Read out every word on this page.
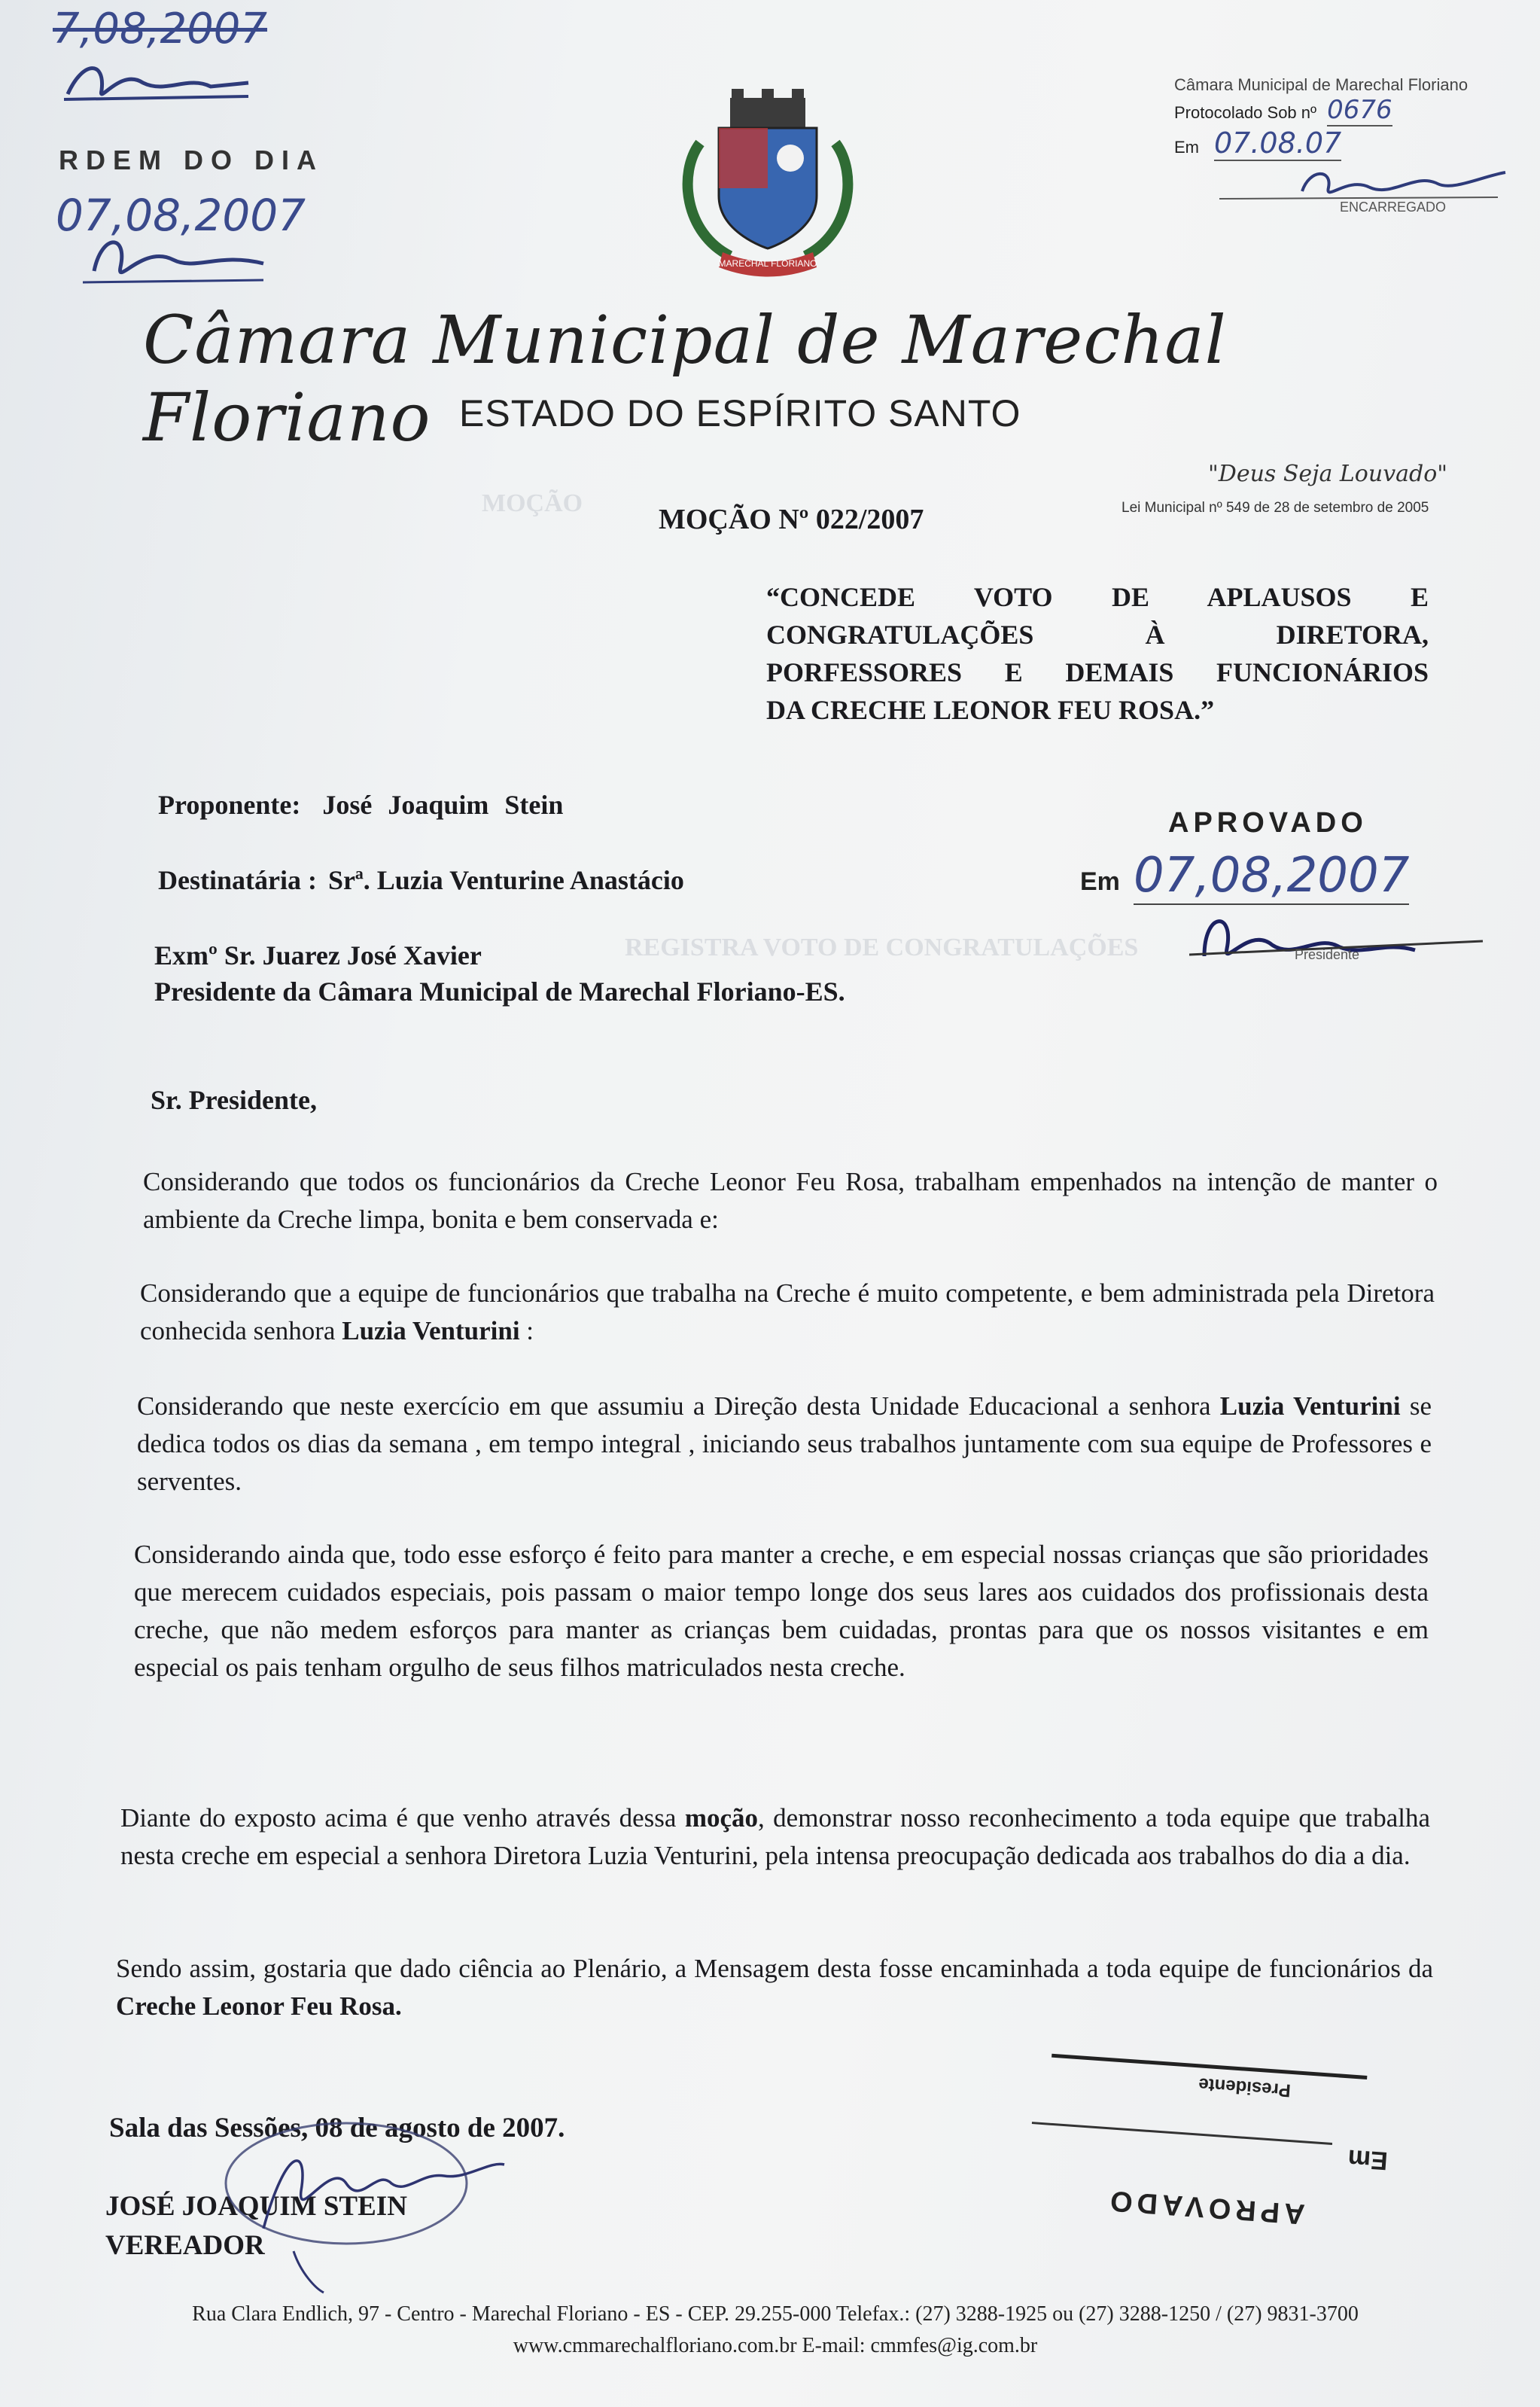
MOÇÃO
REGISTRA VOTO DE CONGRATULAÇÕES
7,08,2007
RDEM DO DIA
07,08,2007
Câmara Municipal de Marechal Floriano
Protocolado Sob nº 0676
Em 07.08.07
ENCARREGADO
MARECHAL FLORIANO
Câmara Municipal de Marechal Floriano ESTADO DO ESPÍRITO SANTO
"Deus Seja Louvado"
Lei Municipal nº 549 de 28 de setembro de 2005
MOÇÃO Nº 022/2007
“CONCEDE VOTO DE APLAUSOS E
CONGRATULAÇÕES À DIRETORA,
PORFESSORES E DEMAIS FUNCIONÁRIOS
DA CRECHE LEONOR FEU ROSA.”
Proponente: José Joaquim Stein
Destinatária : Srª. Luzia Venturine Anastácio
APROVADO
Em 07,08,2007
Presidente
Exmº Sr. Juarez José Xavier
Presidente da Câmara Municipal de Marechal Floriano-ES.
Sr. Presidente,
Considerando que todos os funcionários da Creche Leonor Feu Rosa, trabalham empenhados na intenção de manter o ambiente da Creche limpa, bonita e bem conservada e:
Considerando que a equipe de funcionários que trabalha na Creche é muito competente, e bem administrada pela Diretora conhecida senhora Luzia Venturini :
Considerando que neste exercício em que assumiu a Direção desta Unidade Educacional a senhora Luzia Venturini se dedica todos os dias da semana , em tempo integral , iniciando seus trabalhos juntamente com sua equipe de Professores e serventes.
Considerando ainda que, todo esse esforço é feito para manter a creche, e em especial nossas crianças que são prioridades que merecem cuidados especiais, pois passam o maior tempo longe dos seus lares aos cuidados dos profissionais desta creche, que não medem esforços para manter as crianças bem cuidadas, prontas para que os nossos visitantes e em especial os pais tenham orgulho de seus filhos matriculados nesta creche.
Diante do exposto acima é que venho através dessa moção, demonstrar nosso reconhecimento a toda equipe que trabalha nesta creche em especial a senhora Diretora Luzia Venturini, pela intensa preocupação dedicada aos trabalhos do dia a dia.
Sendo assim, gostaria que dado ciência ao Plenário, a Mensagem desta fosse encaminhada a toda equipe de funcionários da Creche Leonor Feu Rosa.
Presidente
Em
APROVADO
Sala das Sessões, 08 de agosto de 2007.
JOSÉ JOAQUIM STEIN
VEREADOR
Rua Clara Endlich, 97 - Centro - Marechal Floriano - ES - CEP. 29.255-000 Telefax.: (27) 3288-1925 ou (27) 3288-1250 / (27) 9831-3700
www.cmmarechalfloriano.com.br E-mail: cmmfes@ig.com.br
